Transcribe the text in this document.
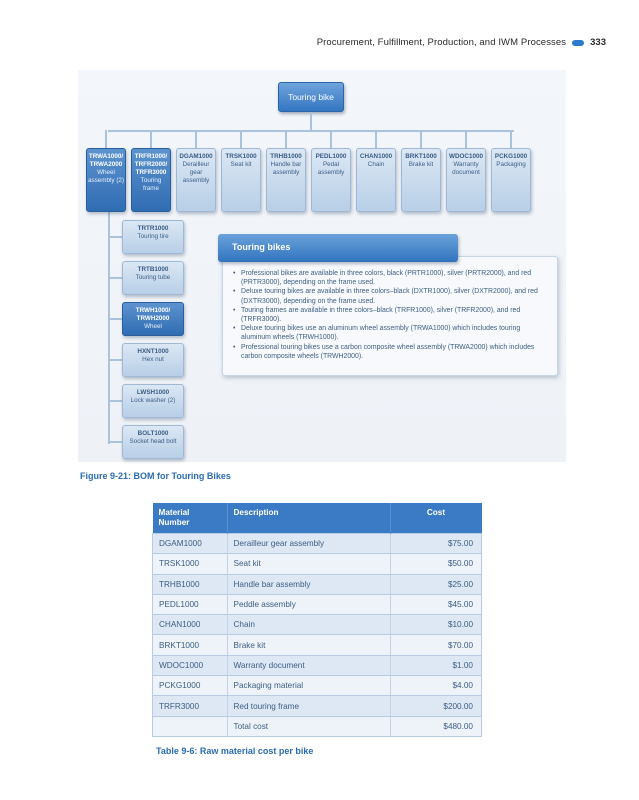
Procurement, Fulfillment, Production, and IWM Processes	333
Touring bike
TRWA1000/ TRWA2000
Wheel assembly (2)
TRFR1000/ TRFR2000/ TRFR3000
Touring frame
DGAM1000
Derailleur gear assembly
TRSK1000
Seat kit
TRHB1000
Handle bar assembly
PEDL1000
Pedal assembly
CHAN1000
Chain
BRKT1000
Brake kit
WDOC1000
Warranty document
PCKG1000
Packaging
TRTR1000
Touring tire
TRTB1000
Touring tube
TRWH1000/ TRWH2000
Wheel
HXNT1000
Hex nut
LWSH1000
Lock washer (2)
BOLT1000
Socket head bolt
• Professional bikes are available in three colors, black (PRTR1000), silver (PRTR2000), and red (PRTR3000), depending on the frame used.
• Deluxe touring bikes are available in three colors–black (DXTR1000), silver (DXTR2000), and red (DXTR3000), depending on the frame used.
• Touring frames are available in three colors–black (TRFR1000), silver (TRFR2000), and red (TRFR3000).
• Deluxe touring bikes use an aluminum wheel assembly (TRWA1000) which includes touring aluminum wheels (TRWH1000).
• Professional touring bikes use a carbon composite wheel assembly (TRWA2000) which includes carbon composite wheels (TRWH2000).
Touring bikes
Figure 9-21: BOM for Touring Bikes
Material Number	Description	Cost
DGAM1000	Derailleur gear assembly	$75.00
TRSK1000	Seat kit	$50.00
TRHB1000	Handle bar assembly	$25.00
PEDL1000	Peddle assembly	$45.00
CHAN1000	Chain	$10.00
BRKT1000	Brake kit	$70.00
WDOC1000	Warranty document	$1.00
PCKG1000	Packaging material	$4.00
TRFR3000	Red touring frame	$200.00
	Total cost	$480.00
Table 9-6: Raw material cost per bike
